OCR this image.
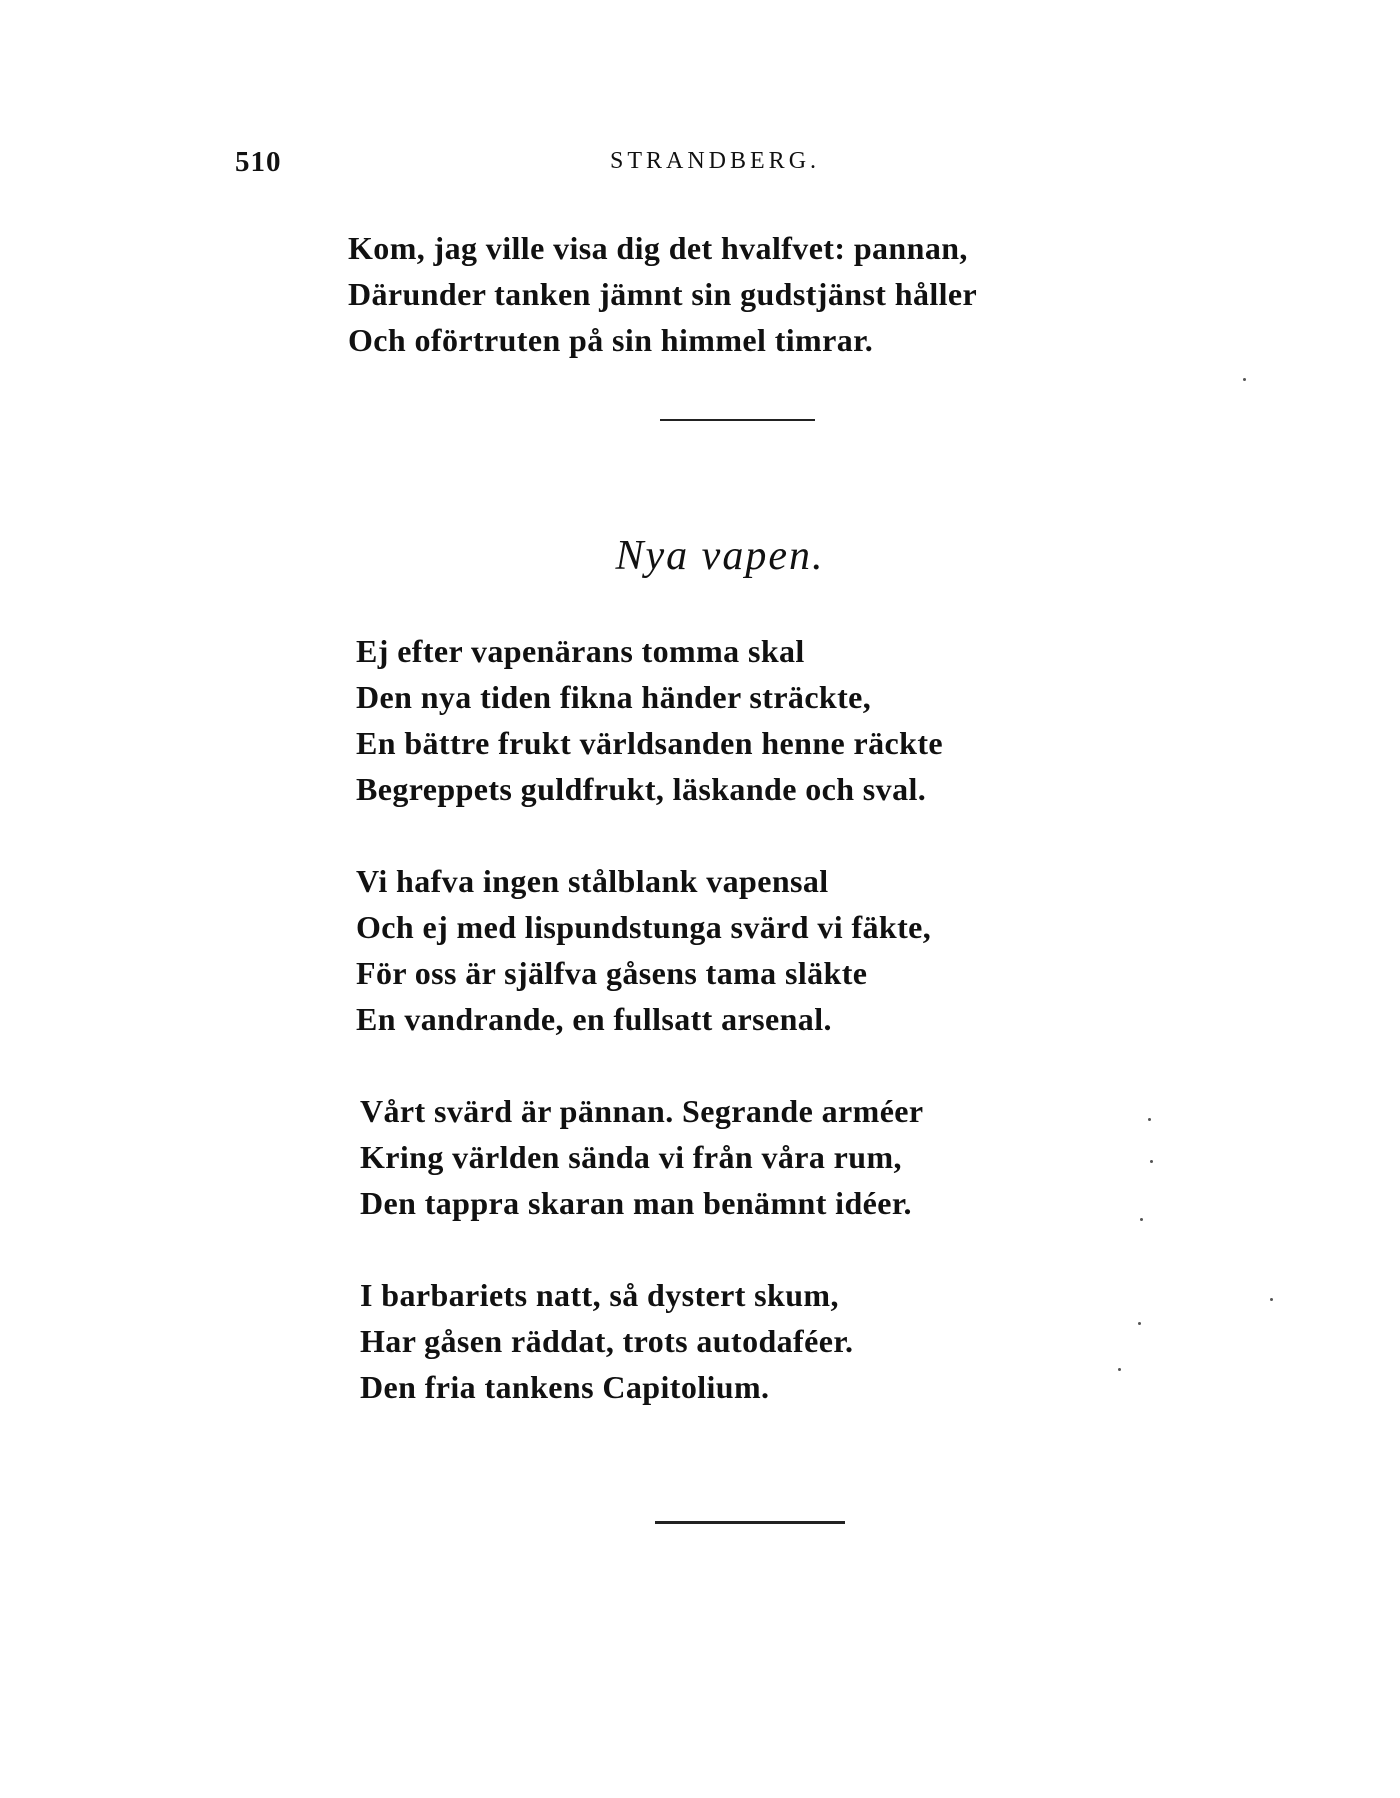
510	STRANDBERG.
Kom, jag ville visa dig det hvalfvet: pannan,
Därunder tanken jämnt sin gudstjänst håller
Och oförtruten på sin himmel timrar.
Nya vapen.
Ej efter vapenärans tomma skal
Den nya tiden fikna händer sträckte,
En bättre frukt världsanden henne räckte
Begreppets guldfrukt, läskande och sval.
Vi hafva ingen stålblank vapensal
Och ej med lispundstunga svärd vi fäkte,
För oss är själfva gåsens tama släkte
En vandrande, en fullsatt arsenal.
Vårt svärd är pännan. Segrande arméer
Kring världen sända vi från våra rum,
Den tappra skaran man benämnt idéer.
I barbariets natt, så dystert skum,
Har gåsen räddat, trots autodaféer.
Den fria tankens Capitolium.
